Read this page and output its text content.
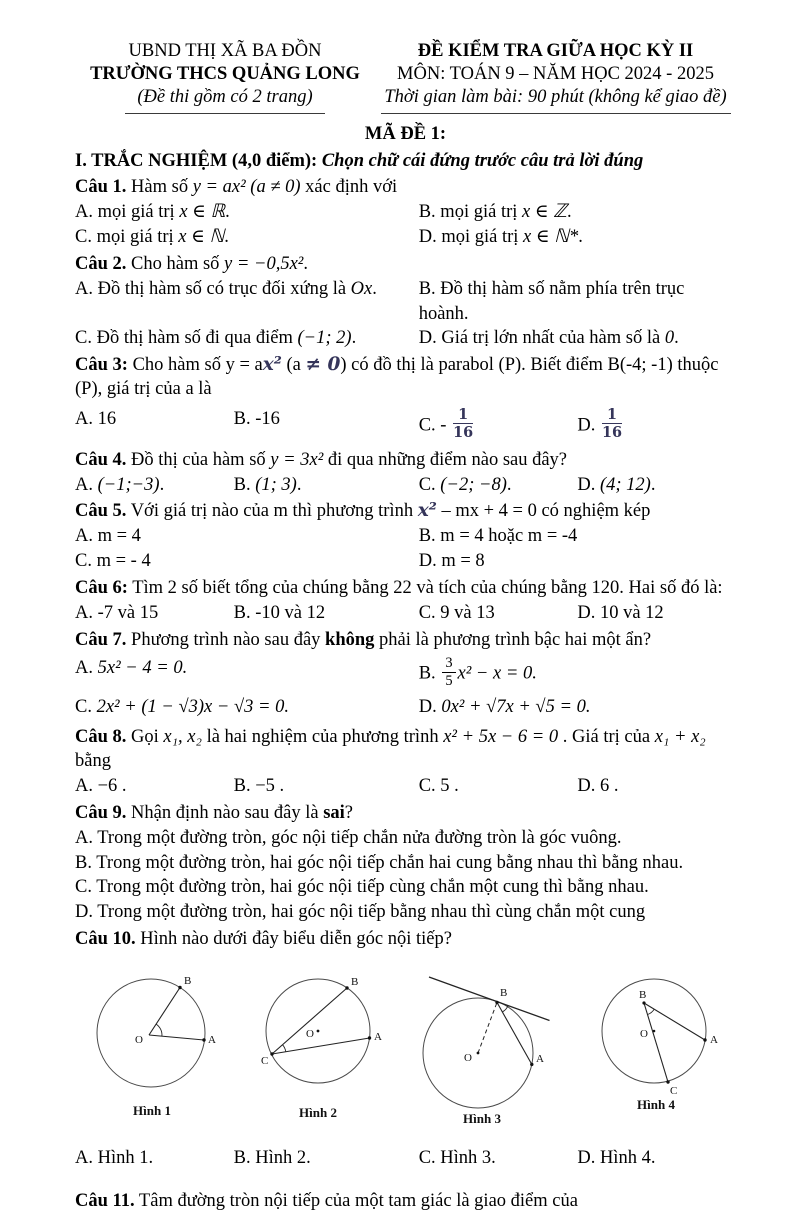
UBND THỊ XÃ BA ĐỒN
TRƯỜNG THCS QUẢNG LONG
(Đề thi gồm có 2 trang)
ĐỀ KIỂM TRA GIỮA HỌC KỲ II
MÔN: TOÁN 9 – NĂM HỌC 2024 - 2025
Thời gian làm bài: 90 phút (không kể giao đề)
MÃ ĐỀ 1:

I. TRẮC NGHIỆM (4,0 điểm): Chọn chữ cái đứng trước câu trả lời đúng

Câu 1. Hàm số y = ax² (a ≠ 0) xác định với

A. mọi giá trị x ∈ ℝ.	B. mọi giá trị x ∈ ℤ.
C. mọi giá trị x ∈ ℕ.	D. mọi giá trị x ∈ ℕ*.

Câu 2. Cho hàm số y = −0,5x².

A. Đồ thị hàm số có trục đối xứng là Ox.	B. Đồ thị hàm số nằm phía trên trục hoành.
C. Đồ thị hàm số đi qua điểm (−1; 2).	D. Giá trị lớn nhất của hàm số là 0.

Câu 3: Cho hàm số y = ax² (a ≠ 0) có đồ thị là parabol (P). Biết điểm B(-4; -1) thuộc (P), giá trị của a là

A. 16	B. -16	C. - $\frac{1}{16}$	D. $\frac{1}{16}$

Câu 4. Đồ thị của hàm số y = 3x² đi qua những điểm nào sau đây?

A. (−1;−3).	B. (1; 3).	C. (−2; −8).	D. (4; 12).

Câu 5. Với giá trị nào của m thì phương trình x² – mx + 4 = 0 có nghiệm kép

A. m = 4	B. m = 4 hoặc m = -4
C. m = - 4	D. m = 8

Câu 6: Tìm 2 số biết tổng của chúng bằng 22 và tích của chúng bằng 120. Hai số đó là:

A. -7 và 15	B. -10 và 12	C. 9 và 13	D. 10 và 12

Câu 7. Phương trình nào sau đây không phải là phương trình bậc hai một ẩn?

A. 5x² − 4 = 0.	B. $\frac{3}{5} x^2 - x = 0$.
C. 2x² + (1 − √3)x − √3 = 0.	D. 0x² + √7x + √5 = 0.

Câu 8. Gọi x₁, x₂ là hai nghiệm của phương trình x² + 5x − 6 = 0 . Giá trị của x₁ + x₂ bằng

A. −6 .	B. −5 .	C. 5 .	D. 6 .

Câu 9. Nhận định nào sau đây là sai?

A. Trong một đường tròn, góc nội tiếp chắn nửa đường tròn là góc vuông.
B. Trong một đường tròn, hai góc nội tiếp chắn hai cung bằng nhau thì bằng nhau.
C. Trong một đường tròn, hai góc nội tiếp cùng chắn một cung thì bằng nhau.
D. Trong một đường tròn, hai góc nội tiếp bằng nhau thì cùng chắn một cung

Câu 10. Hình nào dưới đây biểu diễn góc nội tiếp?

B
A
O
Hình 1
B
A
C
O
Hình 2
B
A
O
Hình 3
B
A
C
O
Hình 4
A. Hình 1.	B. Hình 2.	C. Hình 3.	D. Hình 4.

Câu 11. Tâm đường tròn nội tiếp của một tam giác là giao điểm của
